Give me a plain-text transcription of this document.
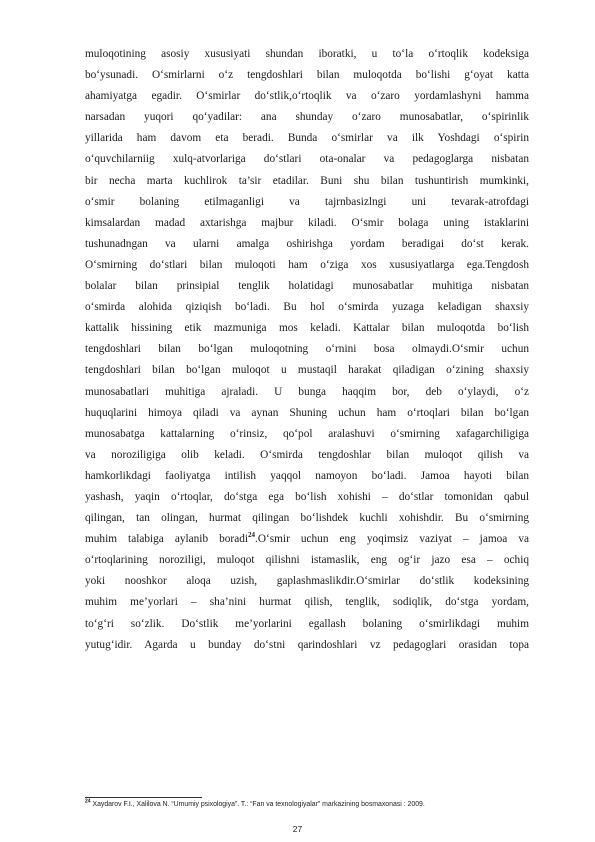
muloqotining asosiy xususiyati shundan iboratki, u to‘la o‘rtoqlik kodeksiga
bo‘ysunadi. O‘smirlarni o‘z tengdoshlari bilan muloqotda bo‘lishi g‘oyat katta
ahamiyatga egadir. O‘smirlar do‘stlik,o‘rtoqlik va o‘zaro yordamlashyni hamma
narsadan yuqori qo‘yadilar: ana shunday o‘zaro munosabatlar, o‘spirinlik
yillarida ham davom eta beradi. Bunda o‘smirlar va ilk Yoshdagi o‘spirin
o‘quvchilarniig xulq-atvorlariga do‘stlari ota-onalar va pedagoglarga nisbatan
bir necha marta kuchlirok ta’sir etadilar. Buni shu bilan tushuntirish mumkinki,
o‘smir bolaning etilmaganligi va tajrnbasizlngi uni tevarak-atrofdagi
kimsalardan madad axtarishga majbur kiladi. O‘smir bolaga uning istaklarini
tushunadngan va ularni amalga oshirishga yordam beradigai do‘st kerak.
O‘smirning do‘stlari bilan muloqoti ham o‘ziga xos xususiyatlarga ega.Tengdosh
bolalar bilan prinsipial tenglik holatidagi munosabatlar muhitiga nisbatan
o‘smirda alohida qiziqish bo‘ladi. Bu hol o‘smirda yuzaga keladigan shaxsiy
kattalik hissining etik mazmuniga mos keladi. Kattalar bilan muloqotda bo‘lish
tengdoshlari bilan bo‘lgan muloqotning o‘rnini bosa olmaydi.O‘smir uchun
tengdoshlari bilan bo‘lgan muloqot u mustaqil harakat qiladigan o‘zining shaxsiy
munosabatlari muhitiga ajraladi. U bunga haqqim bor, deb o‘ylaydi, o‘z
huquqlarini himoya qiladi va aynan Shuning uchun ham o‘rtoqlari bilan bo‘lgan
munosabatga kattalarning o‘rinsiz, qo‘pol aralashuvi o‘smirning xafagarchiligiga
va noroziligiga olib keladi. O‘smirda tengdoshlar bilan muloqot qilish va
hamkorlikdagi faoliyatga intilish yaqqol namoyon bo‘ladi. Jamoa hayoti bilan
yashash, yaqin o‘rtoqlar, do‘stga ega bo‘lish xohishi – do‘stlar tomonidan qabul
qilingan, tan olingan, hurmat qilingan bo‘lishdek kuchli xohishdir. Bu o‘smirning
muhim talabiga aylanib boradi$^{24}$.O‘smir uchun eng yoqimsiz vaziyat – jamoa va
o‘rtoqlarining noroziligi, muloqot qilishni istamaslik, eng og‘ir jazo esa – ochiq
yoki nooshkor aloqa uzish, gaplashmaslikdir.O‘smirlar do‘stlik kodeksining
muhim me’yorlari – sha’nini hurmat qilish, tenglik, sodiqlik, do‘stga yordam,
to‘g‘ri so‘zlik. Do‘stlik me’yorlarini egallash bolaning o‘smirlikdagi muhim
yutug‘idir. Agarda u bunday do‘stni qarindoshlari vz pedagoglari orasidan topa

$^{24}$ Xaydarov F.I., Xalilova N. “Umumiy psixologiya”. T.: “Fan va texnologiyalar” markazining bosmaxonasi : 2009.
27
